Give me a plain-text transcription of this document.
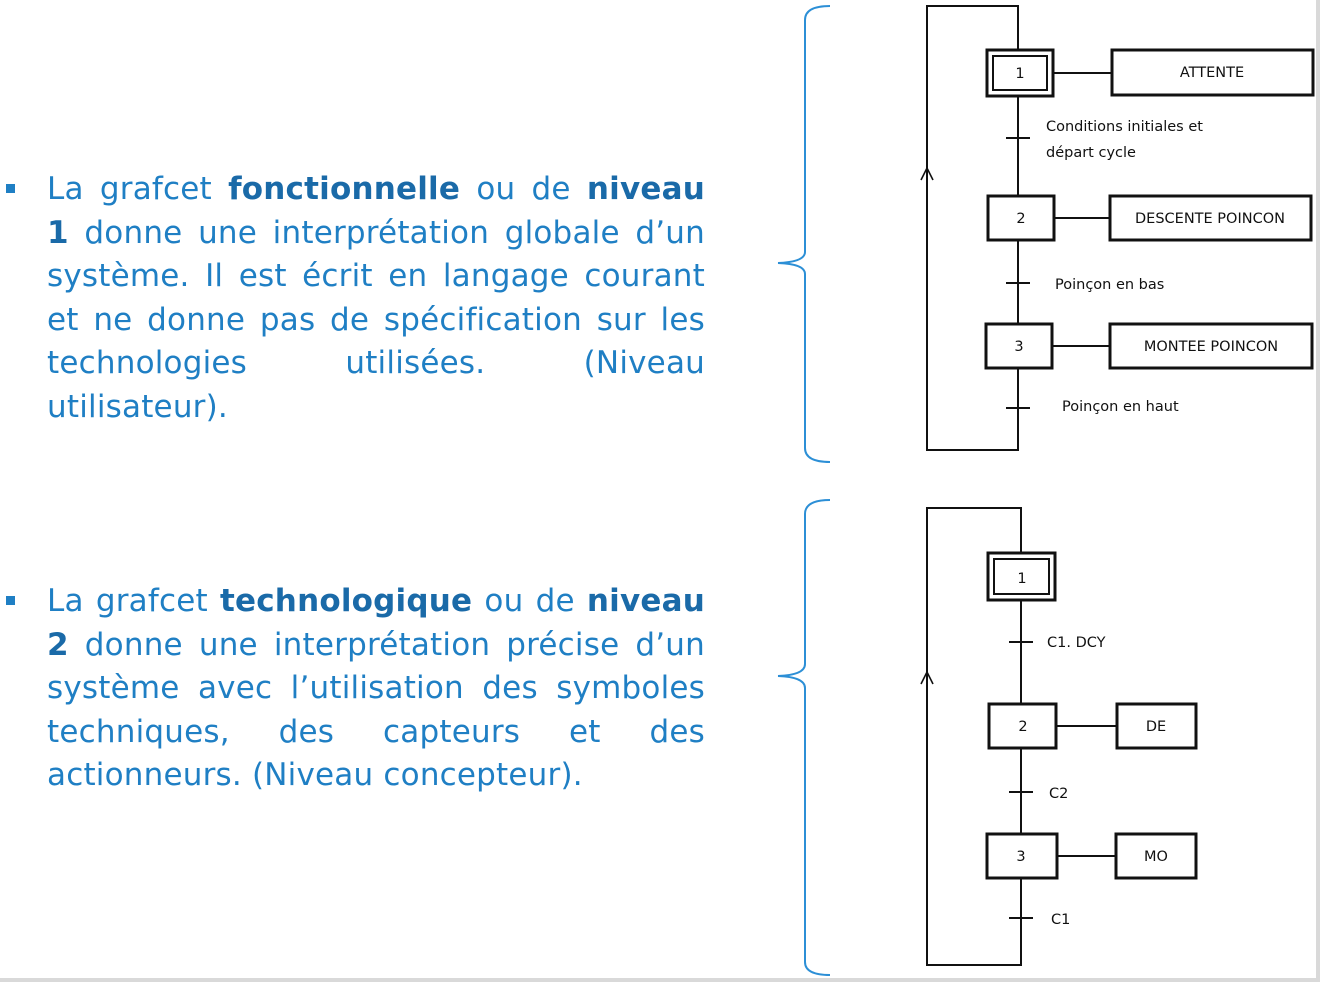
La grafcet fonctionnelle ou de niveau 1 donne une interprétation globale d’un système. Il est écrit en langage courant et ne donne pas de spécification sur les technologies utilisées. (Niveau utilisateur).
La grafcet technologique ou de niveau 2 donne une interprétation précise d’un système avec l’utilisation des symboles techniques, des capteurs et des actionneurs. (Niveau concepteur).
1
2
3
ATTENTE
DESCENTE POINCON
MONTEE POINCON
Conditions initiales et
départ cycle
Poinçon en bas
Poinçon en haut
1
2
3
DE
MO
C1. DCY
C2
C1
